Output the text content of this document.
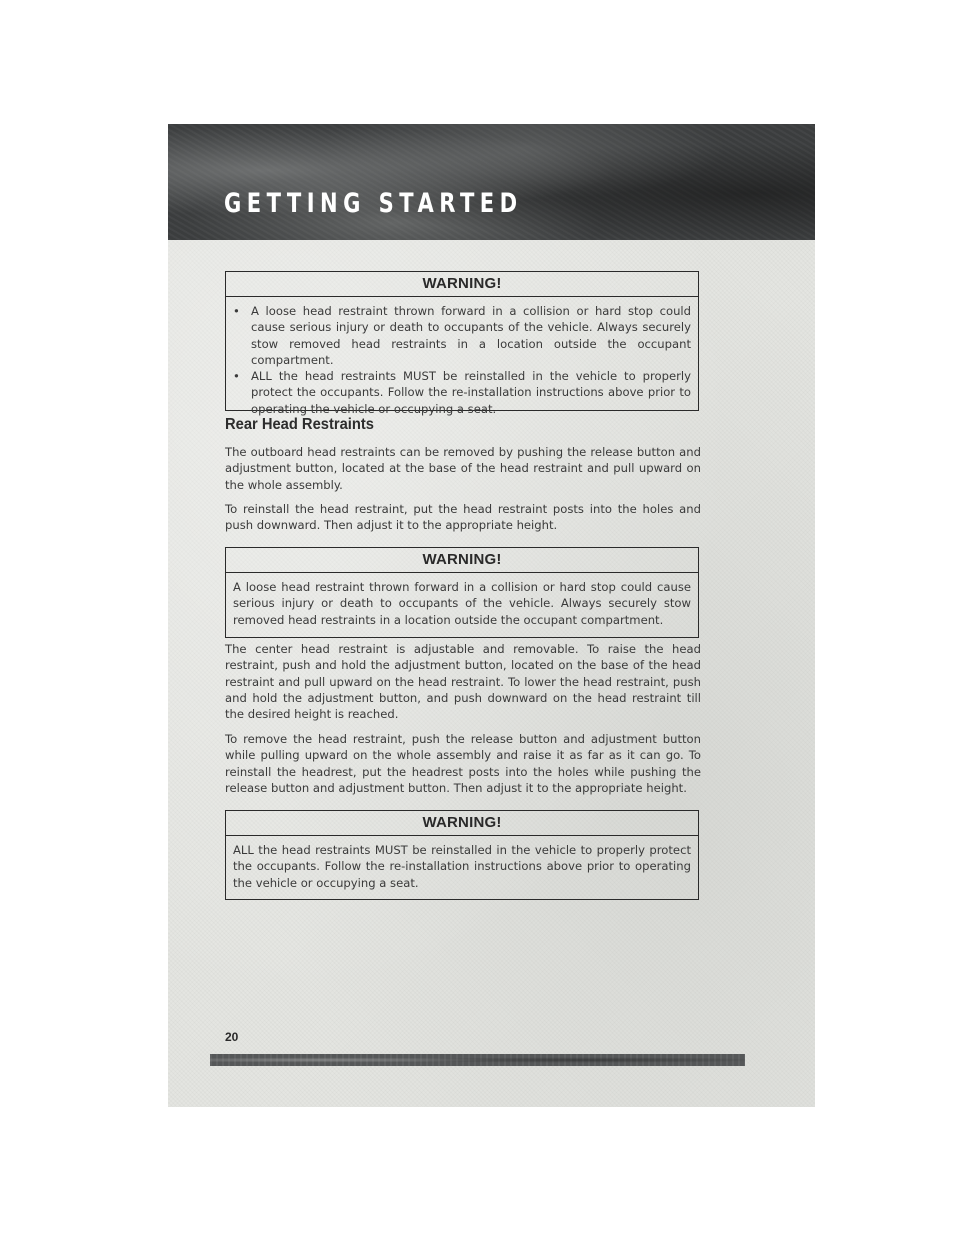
GETTING STARTED
WARNING!
• A loose head restraint thrown forward in a collision or hard stop could cause serious injury or death to occupants of the vehicle. Always securely stow removed head restraints in a location outside the occupant compartment.
• ALL the head restraints MUST be reinstalled in the vehicle to properly protect the occupants. Follow the re-installation instructions above prior to operating the vehicle or occupying a seat.
Rear Head Restraints

The outboard head restraints can be removed by pushing the release button and adjustment button, located at the base of the head restraint and pull upward on the whole assembly.

To reinstall the head restraint, put the head restraint posts into the holes and push downward. Then adjust it to the appropriate height.

WARNING!
A loose head restraint thrown forward in a collision or hard stop could cause serious injury or death to occupants of the vehicle. Always securely stow removed head restraints in a location outside the occupant compartment.

The center head restraint is adjustable and removable. To raise the head restraint, push and hold the adjustment button, located on the base of the head restraint and pull upward on the head restraint. To lower the head restraint, push and hold the adjustment button, and push downward on the head restraint till the desired height is reached.

To remove the head restraint, push the release button and adjustment button while pulling upward on the whole assembly and raise it as far as it can go. To reinstall the headrest, put the headrest posts into the holes while pushing the release button and adjustment button. Then adjust it to the appropriate height.

WARNING!
ALL the head restraints MUST be reinstalled in the vehicle to properly protect the occupants. Follow the re-installation instructions above prior to operating the vehicle or occupying a seat.
20
